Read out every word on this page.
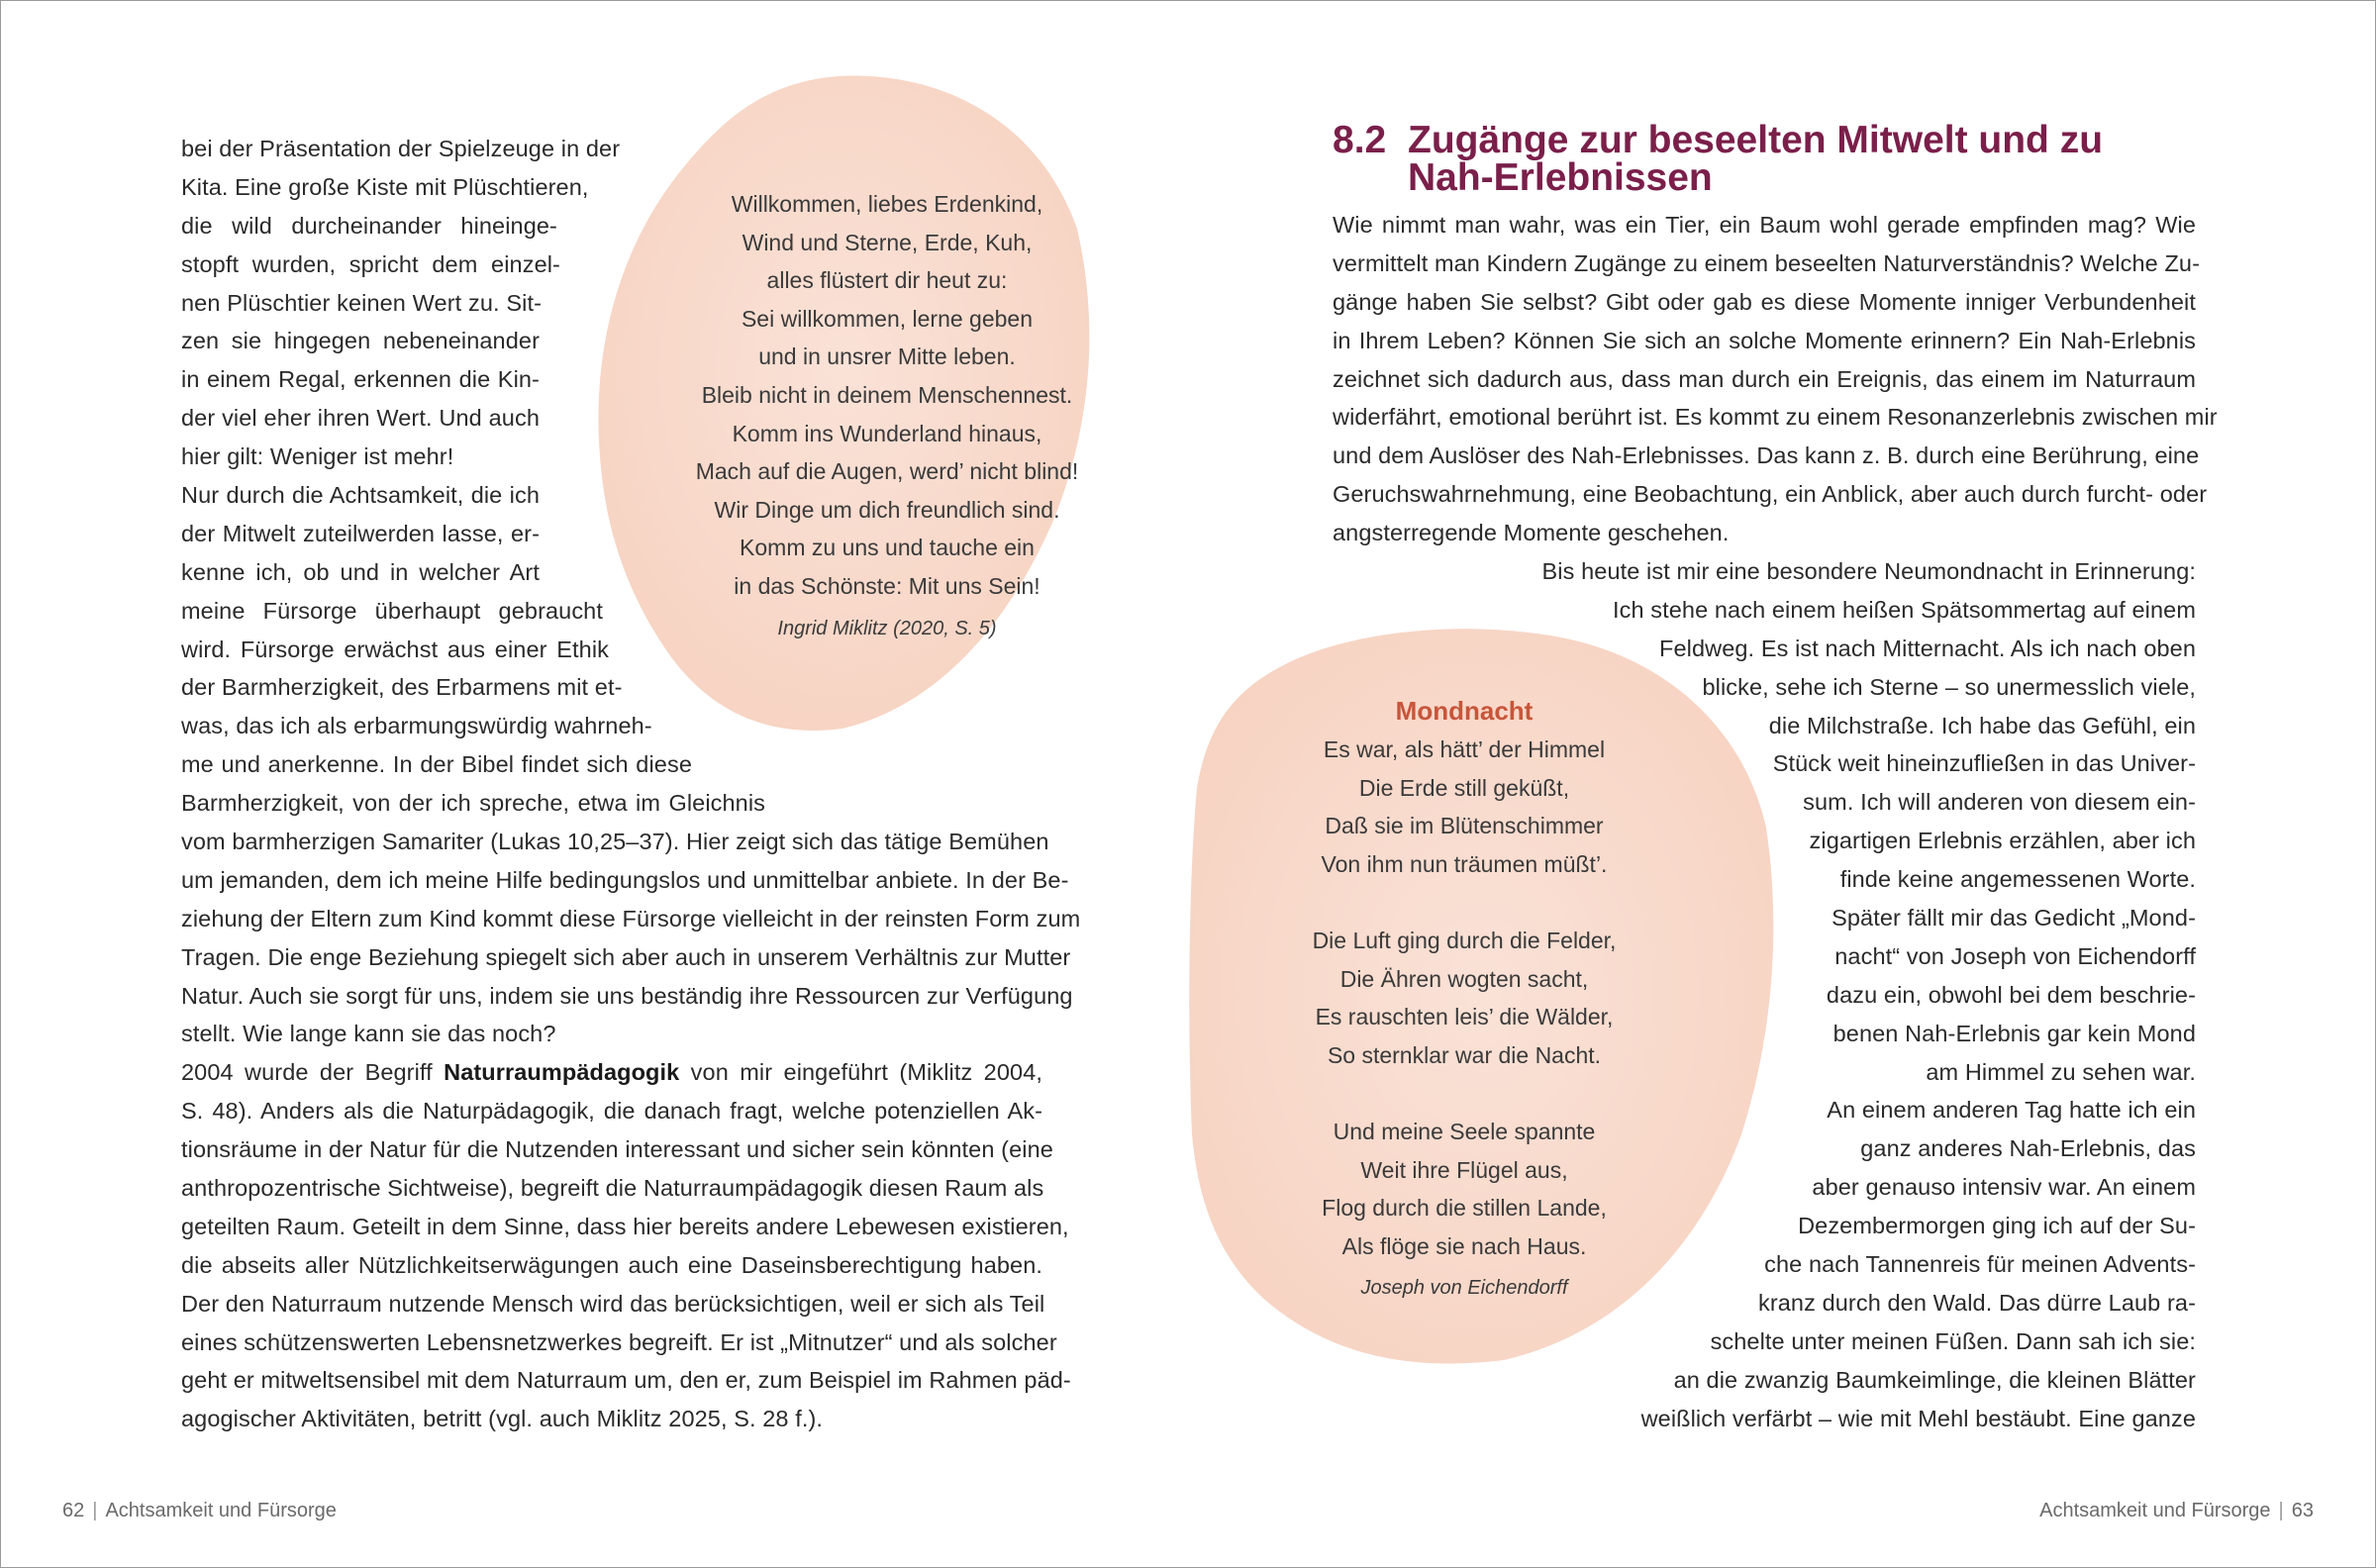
bei der Präsentation der Spielzeuge in der
Kita. Eine große Kiste mit Plüschtieren,
die wild durcheinander hineinge-
stopft wurden, spricht dem einzel-
nen Plüschtier keinen Wert zu. Sit-
zen sie hingegen nebeneinander
in einem Regal, erkennen die Kin-
der viel eher ihren Wert. Und auch
hier gilt: Weniger ist mehr!
Nur durch die Achtsamkeit, die ich
der Mitwelt zuteilwerden lasse, er-
kenne ich, ob und in welcher Art
meine Fürsorge überhaupt gebraucht
wird. Fürsorge erwächst aus einer Ethik
der Barmherzigkeit, des Erbarmens mit et-
was, das ich als erbarmungswürdig wahrneh-
me und anerkenne. In der Bibel findet sich diese
Barmherzigkeit, von der ich spreche, etwa im Gleichnis
vom barmherzigen Samariter (Lukas 10,25–37). Hier zeigt sich das tätige Bemühen
um jemanden, dem ich meine Hilfe bedingungslos und unmittelbar anbiete. In der Be-
ziehung der Eltern zum Kind kommt diese Fürsorge vielleicht in der reinsten Form zum
Tragen. Die enge Beziehung spiegelt sich aber auch in unserem Verhältnis zur Mutter
Natur. Auch sie sorgt für uns, indem sie uns beständig ihre Ressourcen zur Verfügung
stellt. Wie lange kann sie das noch?
2004 wurde der Begriff Naturraumpädagogik von mir eingeführt (Miklitz 2004,
S. 48). Anders als die Naturpädagogik, die danach fragt, welche potenziellen Ak-
tionsräume in der Natur für die Nutzenden interessant und sicher sein könnten (eine
anthropozentrische Sichtweise), begreift die Naturraumpädagogik diesen Raum als
geteilten Raum. Geteilt in dem Sinne, dass hier bereits andere Lebewesen existieren,
die abseits aller Nützlichkeitserwägungen auch eine Daseinsberechtigung haben.
Der den Naturraum nutzende Mensch wird das berücksichtigen, weil er sich als Teil
eines schützenswerten Lebensnetzwerkes begreift. Er ist „Mitnutzer“ und als solcher
geht er mitweltsensibel mit dem Naturraum um, den er, zum Beispiel im Rahmen päd-
agogischer Aktivitäten, betritt (vgl. auch Miklitz 2025, S. 28 f.).
Willkommen, liebes Erdenkind,
Wind und Sterne, Erde, Kuh,
alles flüstert dir heut zu:
Sei willkommen, lerne geben
und in unsrer Mitte leben.
Bleib nicht in deinem Menschennest.
Komm ins Wunderland hinaus,
Mach auf die Augen, werd’ nicht blind!
Wir Dinge um dich freundlich sind.
Komm zu uns und tauche ein
in das Schönste: Mit uns Sein!
Ingrid Miklitz (2020, S. 5)
62 | Achtsamkeit und Fürsorge
8.2 Zugänge zur beseelten Mitwelt und zu
Nah-Erlebnissen
Wie nimmt man wahr, was ein Tier, ein Baum wohl gerade empfinden mag? Wie
vermittelt man Kindern Zugänge zu einem beseelten Naturverständnis? Welche Zu-
gänge haben Sie selbst? Gibt oder gab es diese Momente inniger Verbundenheit
in Ihrem Leben? Können Sie sich an solche Momente erinnern? Ein Nah-Erlebnis
zeichnet sich dadurch aus, dass man durch ein Ereignis, das einem im Naturraum
widerfährt, emotional berührt ist. Es kommt zu einem Resonanzerlebnis zwischen mir
und dem Auslöser des Nah-Erlebnisses. Das kann z. B. durch eine Berührung, eine
Geruchswahrnehmung, eine Beobachtung, ein Anblick, aber auch durch furcht- oder
angsterregende Momente geschehen.
Bis heute ist mir eine besondere Neumondnacht in Erinnerung:
Ich stehe nach einem heißen Spätsommertag auf einem
Feldweg. Es ist nach Mitternacht. Als ich nach oben
blicke, sehe ich Sterne – so unermesslich viele,
die Milchstraße. Ich habe das Gefühl, ein
Stück weit hineinzufließen in das Univer-
sum. Ich will anderen von diesem ein-
zigartigen Erlebnis erzählen, aber ich
finde keine angemessenen Worte.
Später fällt mir das Gedicht „Mond-
nacht“ von Joseph von Eichendorff
dazu ein, obwohl bei dem beschrie-
benen Nah-Erlebnis gar kein Mond
am Himmel zu sehen war.
An einem anderen Tag hatte ich ein
ganz anderes Nah-Erlebnis, das
aber genauso intensiv war. An einem
Dezembermorgen ging ich auf der Su-
che nach Tannenreis für meinen Advents-
kranz durch den Wald. Das dürre Laub ra-
schelte unter meinen Füßen. Dann sah ich sie:
an die zwanzig Baumkeimlinge, die kleinen Blätter
weißlich verfärbt – wie mit Mehl bestäubt. Eine ganze
Mondnacht
Es war, als hätt’ der Himmel
Die Erde still geküßt,
Daß sie im Blütenschimmer
Von ihm nun träumen müßt’.
Die Luft ging durch die Felder,
Die Ähren wogten sacht,
Es rauschten leis’ die Wälder,
So sternklar war die Nacht.
Und meine Seele spannte
Weit ihre Flügel aus,
Flog durch die stillen Lande,
Als flöge sie nach Haus.
Joseph von Eichendorff
Achtsamkeit und Fürsorge | 63
